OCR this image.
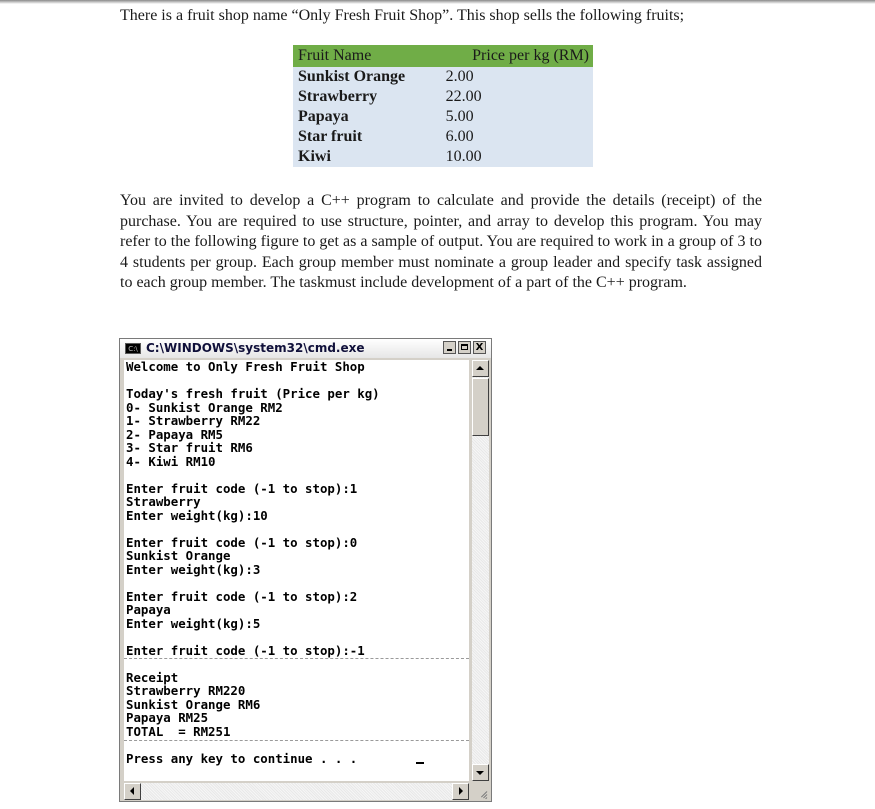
There is a fruit shop name “Only Fresh Fruit Shop”. This shop sells the following fruits;
Fruit Name	Price per kg (RM)
Sunkist Orange	2.00
Strawberry	22.00
Papaya	5.00
Star fruit	6.00
Kiwi	10.00
You are invited to develop a C++ program to calculate and provide the details (receipt) of the purchase. You are required to use structure, pointer, and array to develop this program. You may refer to the following figure to get as a sample of output. You are required to work in a group of 3 to 4 students per group. Each group member must nominate a group leader and specify task assigned to each group member. The taskmust include development of a part of the C++ program.
C:\ C:\WINDOWS\system32\cmd.exe	X
Welcome to Only Fresh Fruit Shop
Today's fresh fruit (Price per kg)
0- Sunkist Orange RM2
1- Strawberry RM22
2- Papaya RM5
3- Star fruit RM6
4- Kiwi RM10
Enter fruit code (-1 to stop):1
Strawberry
Enter weight(kg):10
Enter fruit code (-1 to stop):0
Sunkist Orange
Enter weight(kg):3
Enter fruit code (-1 to stop):2
Papaya
Enter weight(kg):5
Enter fruit code (-1 to stop):-1
Receipt
Strawberry RM220
Sunkist Orange RM6
Papaya RM25
TOTAL  = RM251
Press any key to continue . . .
